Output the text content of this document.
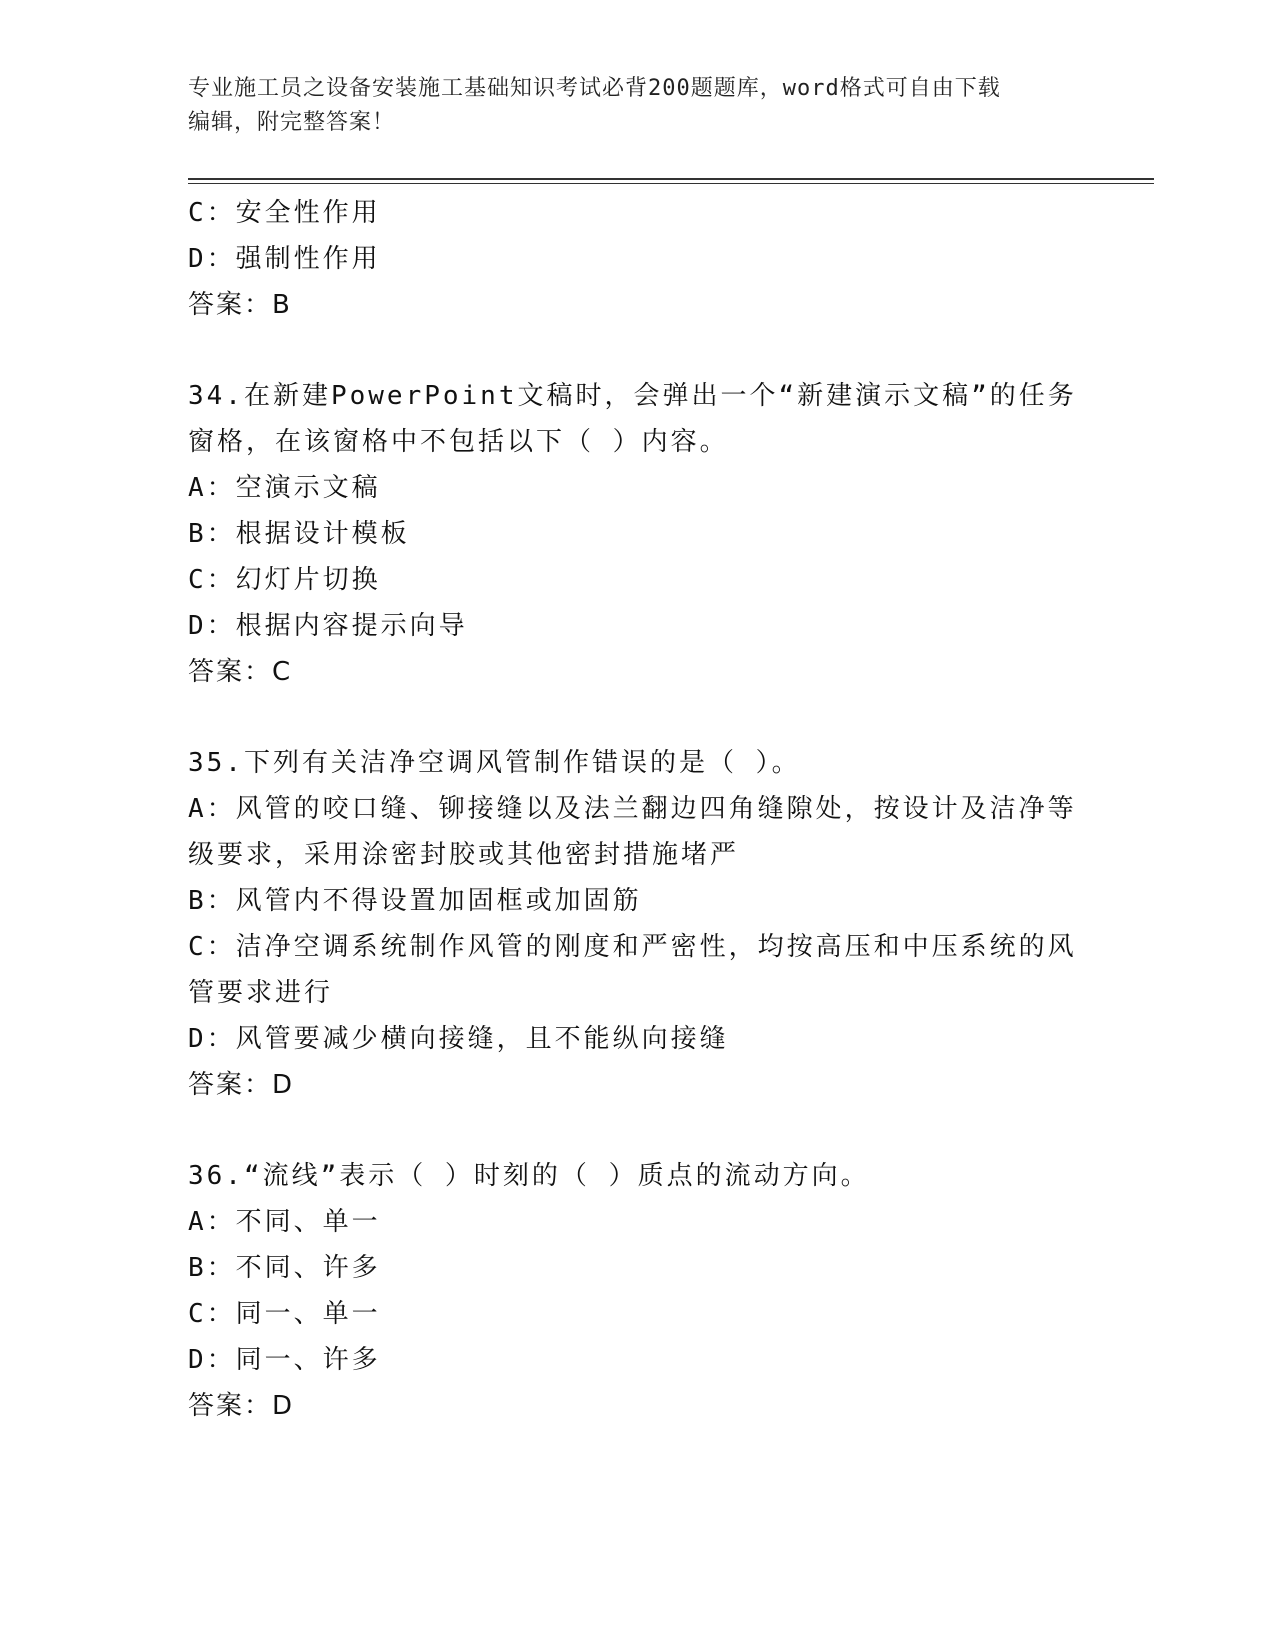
专业施工员之设备安装施工基础知识考试必背200题题库，word格式可自由下载
编辑，附完整答案！
C：安全性作用
D：强制性作用
答案：B
34.在新建PowerPoint文稿时，会弹出一个“新建演示文稿”的任务
窗格，在该窗格中不包括以下（ ）内容。
A：空演示文稿
B：根据设计模板
C：幻灯片切换
D：根据内容提示向导
答案：C
35.下列有关洁净空调风管制作错误的是（ ）。
A：风管的咬口缝、铆接缝以及法兰翻边四角缝隙处，按设计及洁净等
级要求，采用涂密封胶或其他密封措施堵严
B：风管内不得设置加固框或加固筋
C：洁净空调系统制作风管的刚度和严密性，均按高压和中压系统的风
管要求进行
D：风管要减少横向接缝，且不能纵向接缝
答案：D
36.“流线”表示（ ）时刻的（ ）质点的流动方向。
A：不同、单一
B：不同、许多
C：同一、单一
D：同一、许多
答案：D
